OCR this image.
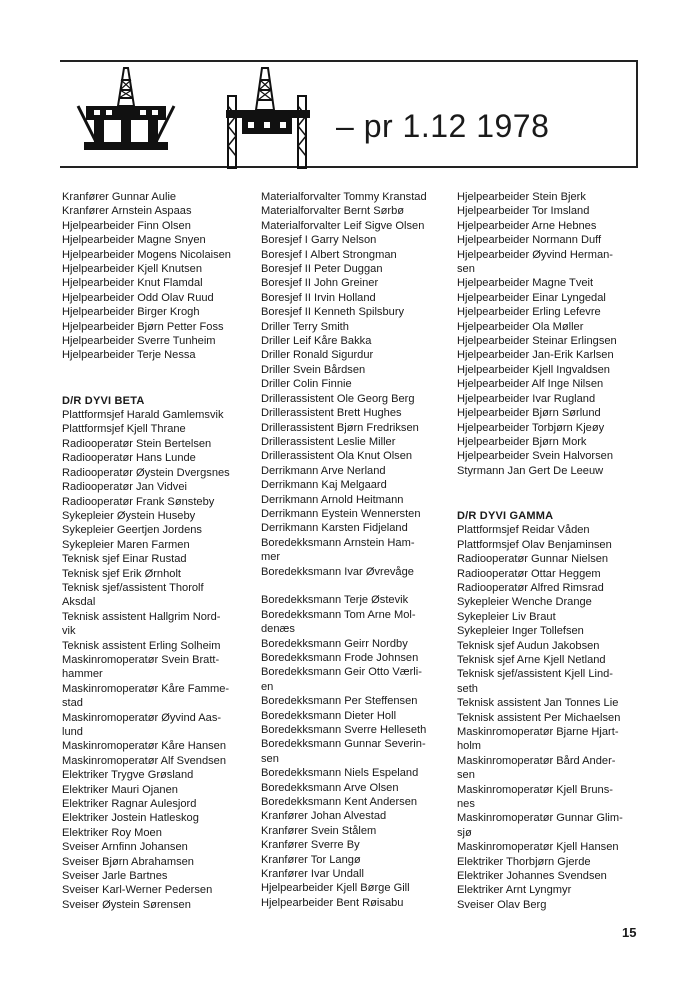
– pr 1.12 1978
Kranfører Gunnar Aulie
Kranfører Arnstein Aspaas
Hjelpearbeider Finn Olsen
Hjelpearbeider Magne Snyen
Hjelpearbeider Mogens Nicolaisen
Hjelpearbeider Kjell Knutsen
Hjelpearbeider Knut Flamdal
Hjelpearbeider Odd Olav Ruud
Hjelpearbeider Birger Krogh
Hjelpearbeider Bjørn Petter Foss
Hjelpearbeider Sverre Tunheim
Hjelpearbeider Terje Nessa
D/R DYVI BETA
Plattformsjef Harald Gamlemsvik
Plattformsjef Kjell Thrane
Radiooperatør Stein Bertelsen
Radiooperatør Hans Lunde
Radiooperatør Øystein Dvergsnes
Radiooperatør Jan Vidvei
Radiooperatør Frank Sønsteby
Sykepleier Øystein Huseby
Sykepleier Geertjen Jordens
Sykepleier Maren Farmen
Teknisk sjef Einar Rustad
Teknisk sjef Erik Ørnholt
Teknisk sjef/assistent Thorolf
Aksdal
Teknisk assistent Hallgrim Nord-
vik
Teknisk assistent Erling Solheim
Maskinromoperatør Svein Bratt-
hammer
Maskinromoperatør Kåre Famme-
stad
Maskinromoperatør Øyvind Aas-
lund
Maskinromoperatør Kåre Hansen
Maskinromoperatør Alf Svendsen
Elektriker Trygve Grøsland
Elektriker Mauri Ojanen
Elektriker Ragnar Aulesjord
Elektriker Jostein Hatleskog
Elektriker Roy Moen
Sveiser Arnfinn Johansen
Sveiser Bjørn Abrahamsen
Sveiser Jarle Bartnes
Sveiser Karl-Werner Pedersen
Sveiser Øystein Sørensen
Materialforvalter Tommy Kranstad
Materialforvalter Bernt Sørbø
Materialforvalter Leif Sigve Olsen
Boresjef I Garry Nelson
Boresjef I Albert Strongman
Boresjef II Peter Duggan
Boresjef II John Greiner
Boresjef II Irvin Holland
Boresjef II Kenneth Spilsbury
Driller Terry Smith
Driller Leif Kåre Bakka
Driller Ronald Sigurdur
Driller Svein Bårdsen
Driller Colin Finnie
Drillerassistent Ole Georg Berg
Drillerassistent Brett Hughes
Drillerassistent Bjørn Fredriksen
Drillerassistent Leslie Miller
Drillerassistent Ola Knut Olsen
Derrikmann Arve Nerland
Derrikmann Kaj Melgaard
Derrikmann Arnold Heitmann
Derrikmann Eystein Wennersten
Derrikmann Karsten Fidjeland
Boredekksmann Arnstein Ham-
mer
Boredekksmann Ivar Øvrevåge
Boredekksmann Terje Østevik
Boredekksmann Tom Arne Mol-
denæs
Boredekksmann Geirr Nordby
Boredekksmann Frode Johnsen
Boredekksmann Geir Otto Værli-
en
Boredekksmann Per Steffensen
Boredekksmann Dieter Holl
Boredekksmann Sverre Helleseth
Boredekksmann Gunnar Severin-
sen
Boredekksmann Niels Espeland
Boredekksmann Arve Olsen
Boredekksmann Kent Andersen
Kranfører Johan Alvestad
Kranfører Svein Stålem
Kranfører Sverre By
Kranfører Tor Langø
Kranfører Ivar Undall
Hjelpearbeider Kjell Børge Gill
Hjelpearbeider Bent Røisabu
Hjelpearbeider Stein Bjerk
Hjelpearbeider Tor Imsland
Hjelpearbeider Arne Hebnes
Hjelpearbeider Normann Duff
Hjelpearbeider Øyvind Herman-
sen
Hjelpearbeider Magne Tveit
Hjelpearbeider Einar Lyngedal
Hjelpearbeider Erling Lefevre
Hjelpearbeider Ola Møller
Hjelpearbeider Steinar Erlingsen
Hjelpearbeider Jan-Erik Karlsen
Hjelpearbeider Kjell Ingvaldsen
Hjelpearbeider Alf Inge Nilsen
Hjelpearbeider Ivar Rugland
Hjelpearbeider Bjørn Sørlund
Hjelpearbeider Torbjørn Kjeøy
Hjelpearbeider Bjørn Mork
Hjelpearbeider Svein Halvorsen
Styrmann Jan Gert De Leeuw
D/R DYVI GAMMA
Plattformsjef Reidar Våden
Plattformsjef Olav Benjaminsen
Radiooperatør Gunnar Nielsen
Radiooperatør Ottar Heggem
Radiooperatør Alfred Rimsrad
Sykepleier Wenche Drange
Sykepleier Liv Braut
Sykepleier Inger Tollefsen
Teknisk sjef Audun Jakobsen
Teknisk sjef Arne Kjell Netland
Teknisk sjef/assistent Kjell Lind-
seth
Teknisk assistent Jan Tonnes Lie
Teknisk assistent Per Michaelsen
Maskinromoperatør Bjarne Hjart-
holm
Maskinromoperatør Bård Ander-
sen
Maskinromoperatør Kjell Bruns-
nes
Maskinromoperatør Gunnar Glim-
sjø
Maskinromoperatør Kjell Hansen
Elektriker Thorbjørn Gjerde
Elektriker Johannes Svendsen
Elektriker Arnt Lyngmyr
Sveiser Olav Berg
15
